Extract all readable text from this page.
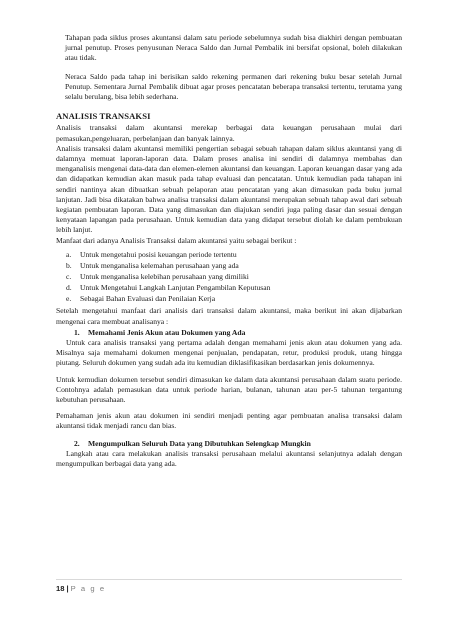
Tahapan pada siklus proses akuntansi dalam satu periode sebelumnya sudah bisa diakhiri dengan pembuatan jurnal penutup. Proses penyusunan Neraca Saldo dan Jurnal Pembalik ini bersifat opsional, boleh dilakukan atau tidak.

Neraca Saldo pada tahap ini berisikan saldo rekening permanen dari rekening buku besar setelah Jurnal Penutup. Sementara Jurnal Pembalik dibuat agar proses pencatatan beberapa transaksi tertentu, terutama yang selalu berulang, bisa lebih sederhana.

ANALISIS TRANSAKSI

Analisis transaksi dalam akuntansi merekap berbagai data keuangan perusahaan mulai dari pemasukan,pengeluaran, perbelanjaan dan banyak lainnya.

Analisis transaksi dalam akuntansi memiliki pengertian sebagai sebuah tahapan dalam siklus akuntansi yang di dalamnya memuat laporan-laporan data. Dalam proses analisa ini sendiri di dalamnya membahas dan menganalisis mengenai data-data dan elemen-elemen akuntansi dan keuangan. Laporan keuangan dasar yang ada dan didapatkan kemudian akan masuk pada tahap evaluasi dan pencatatan. Untuk kemudian pada tahapan ini sendiri nantinya akan dibuatkan sebuah pelaporan atau pencatatan yang akan dimasukan pada buku jurnal lanjutan. Jadi bisa dikatakan bahwa analisa transaksi dalam akuntansi merupakan sebuah tahap awal dari sebuah kegiatan pembuatan laporan. Data yang dimasukan dan diajukan sendiri juga paling dasar dan sesuai dengan kenyataan lapangan pada perusahaan. Untuk kemudian data yang didapat tersebut diolah ke dalam pembukuan lebih lanjut.

Manfaat dari adanya Analisis Transaksi dalam akuntansi yaitu sebagai berikut :

a.	Untuk mengetahui posisi keuangan periode tertentu
b.	Untuk menganalisa kelemahan perusahaan yang ada
c.	Untuk menganalisa kelebihan perusahaan yang dimiliki
d.	Untuk Mengetahui Langkah Lanjutan Pengambilan Keputusan
e.	Sebagai Bahan Evaluasi dan Penilaian Kerja

Setelah mengetahui manfaat dari analisis dari transaksi dalam akuntansi, maka berikut ini akan dijabarkan mengenai cara membuat analisanya :

1.	Memahami Jenis Akun atau Dokumen yang Ada

Untuk cara analisis transaksi yang pertama adalah dengan memahami jenis akun atau dokumen yang ada. Misalnya saja memahami dokumen mengenai penjualan, pendapatan, retur, produksi produk, utang hingga piutang. Seluruh dokumen yang sudah ada itu kemudian diklasifikasikan berdasarkan jenis dokumennya.

Untuk kemudian dokumen tersebut sendiri dimasukan ke dalam data akuntansi perusahaan dalam suatu periode. Contohnya adalah pemasukan data untuk periode harian, bulanan, tahunan atau per-5 tahunan tergantung kebutuhan perusahaan.

Pemahaman jenis akun atau dokumen ini sendiri menjadi penting agar pembuatan analisa transaksi dalam akuntansi tidak menjadi rancu dan bias.

2.	Mengumpulkan Seluruh Data yang Dibutuhkan Selengkap Mungkin

Langkah atau cara melakukan analisis transaksi perusahaan melalui akuntansi selanjutnya adalah dengan mengumpulkan berbagai data yang ada.

18 | P a g e
